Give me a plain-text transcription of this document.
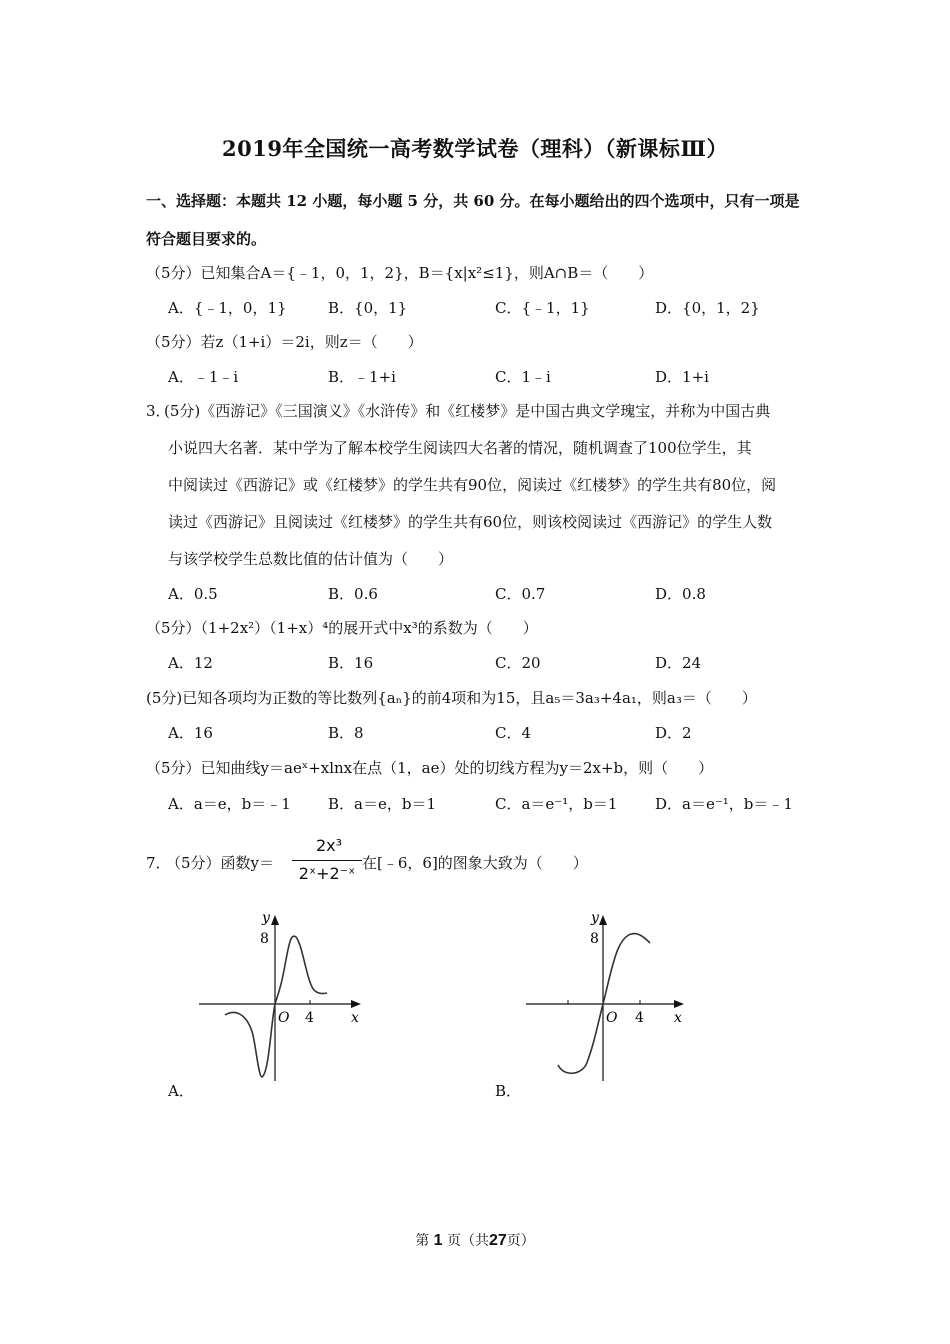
2019年全国统一高考数学试卷（理科）（新课标Ⅲ）
一、选择题：本题共 12 小题，每小题 5 分，共 60 分。在每小题给出的四个选项中，只有一项是
符合题目要求的。
（5分）已知集合A＝{﹣1，0，1，2}，B＝{x|x²≤1}，则A∩B＝（　　）
A．{﹣1，0，1}	B．{0，1}	C．{﹣1，1}	D．{0，1，2}
（5分）若z（1+i）＝2i，则z＝（　　）
A．﹣1﹣i	B．﹣1+i	C．1﹣i	D．1+i
3．
(5分)《西游记》《三国演义》《水浒传》和《红楼梦》是中国古典文学瑰宝，并称为中国古典
小说四大名著．某中学为了解本校学生阅读四大名著的情况，随机调查了100位学生，其
中阅读过《西游记》或《红楼梦》的学生共有90位，阅读过《红楼梦》的学生共有80位，阅
读过《西游记》且阅读过《红楼梦》的学生共有60位，则该校阅读过《西游记》的学生人数
与该学校学生总数比值的估计值为（　　）
A．0.5	B．0.6	C．0.7	D．0.8
（5分）（1+2x²）（1+x）⁴的展开式中x³的系数为（　　）
A．12	B．16	C．20	D．24
(5分)已知各项均为正数的等比数列{aₙ}的前4项和为15，且a₅＝3a₃+4a₁，则a₃＝（　　）
A．16	B．8	C．4	D．2
（5分）已知曲线y＝aeˣ+xlnx在点（1，ae）处的切线方程为y＝2x+b，则（　　）
A．a＝e，b＝﹣1 B．a＝e，b＝1	C．a＝e⁻¹，b＝1	D．a＝e⁻¹，b＝﹣1
7．
（5分）函数y＝
2x³
2ˣ+2⁻ˣ
在[﹣6，6]的图象大致为（　　）
y
8
O 4	x
y
8
O 4 x
A．	B．
第 1 页（共27页）
